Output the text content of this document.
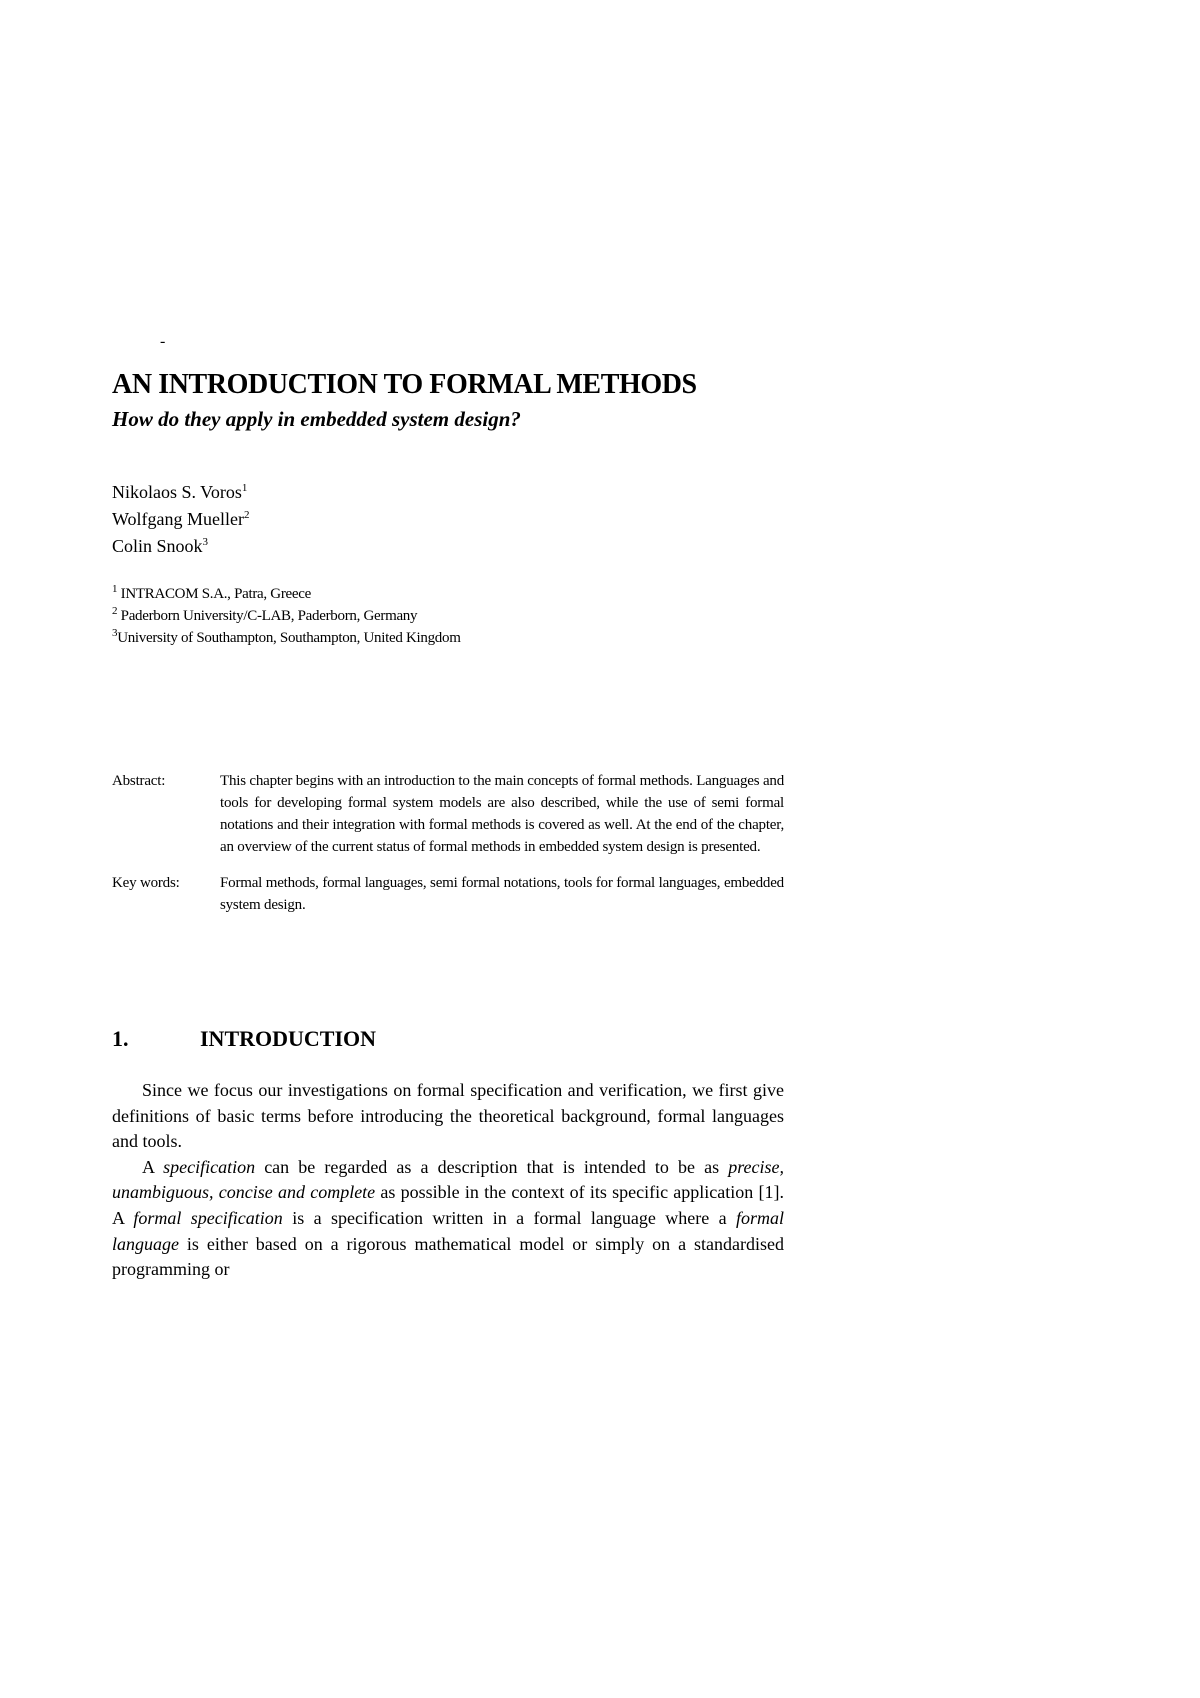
-
AN INTRODUCTION TO FORMAL METHODS
How do they apply in embedded system design?
Nikolaos S. Voros$^1$
Wolfgang Mueller$^2$
Colin Snook$^3$
$^1$ INTRACOM S.A., Patra, Greece
$^2$ Paderborn University/C-LAB, Paderborn, Germany
$^3$University of Southampton, Southampton, United Kingdom
Abstract:	This chapter begins with an introduction to the main concepts of formal methods. Languages and tools for developing formal system models are also described, while the use of semi formal notations and their integration with formal methods is covered as well. At the end of the chapter, an overview of the current status of formal methods in embedded system design is presented.
Key words:	Formal methods, formal languages, semi formal notations, tools for formal languages, embedded system design.
1.	INTRODUCTION

Since we focus our investigations on formal specification and verification, we first give definitions of basic terms before introducing the theoretical background, formal languages and tools.

A specification can be regarded as a description that is intended to be as precise, unambiguous, concise and complete as possible in the context of its specific application [1]. A formal specification is a specification written in a formal language where a formal language is either based on a rigorous mathematical model or simply on a standardised programming or
